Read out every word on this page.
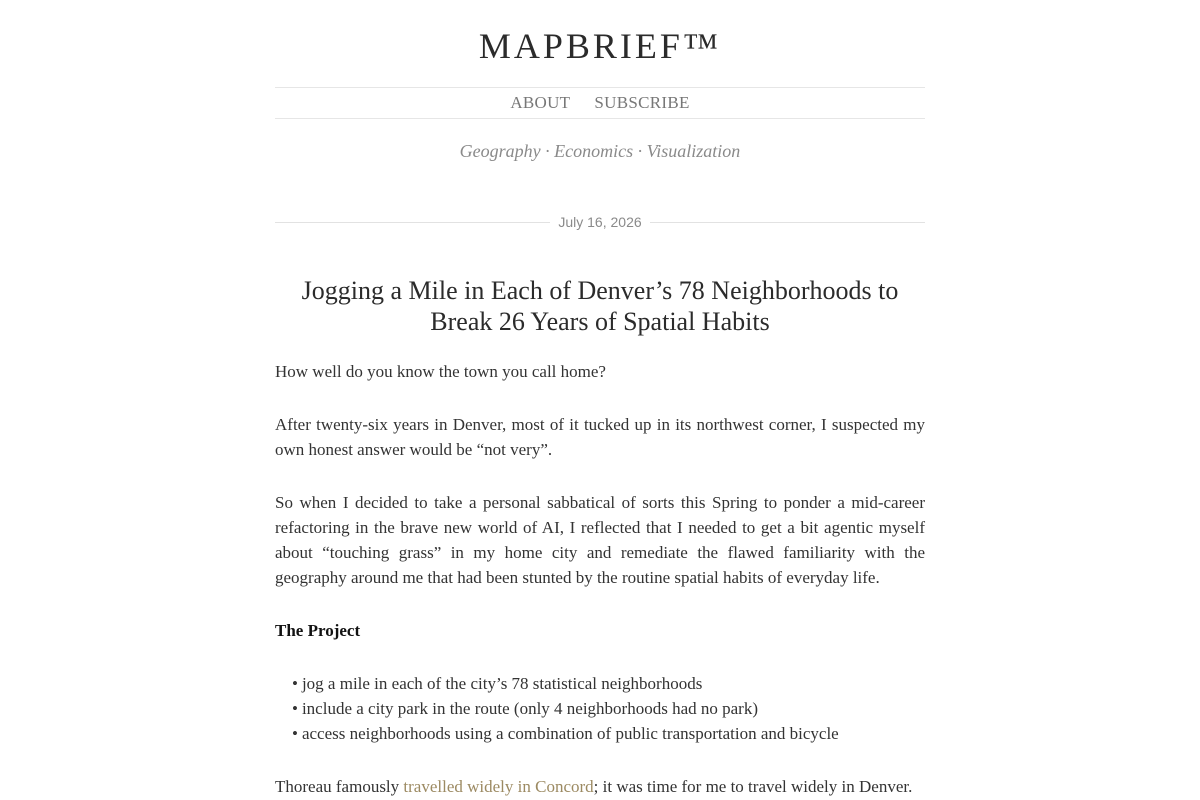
MAPBRIEF™
ABOUT SUBSCRIBE
Geography · Economics · Visualization
July 16, 2026
Jogging a Mile in Each of Denver’s 78 Neighborhoods to Break 26 Years of Spatial Habits

How well do you know the town you call home?

After twenty-six years in Denver, most of it tucked up in its northwest corner, I suspected my own honest answer would be “not very”.

So when I decided to take a personal sabbatical of sorts this Spring to ponder a mid-career refactoring in the brave new world of AI, I reflected that I needed to get a bit agentic myself about “touching grass” in my home city and remediate the flawed familiarity with the geography around me that had been stunted by the routine spatial habits of everyday life.

The Project
• jog a mile in each of the city’s 78 statistical neighborhoods
• include a city park in the route (only 4 neighborhoods had no park)
• access neighborhoods using a combination of public transportation and bicycle

Thoreau famously travelled widely in Concord; it was time for me to travel widely in Denver.
